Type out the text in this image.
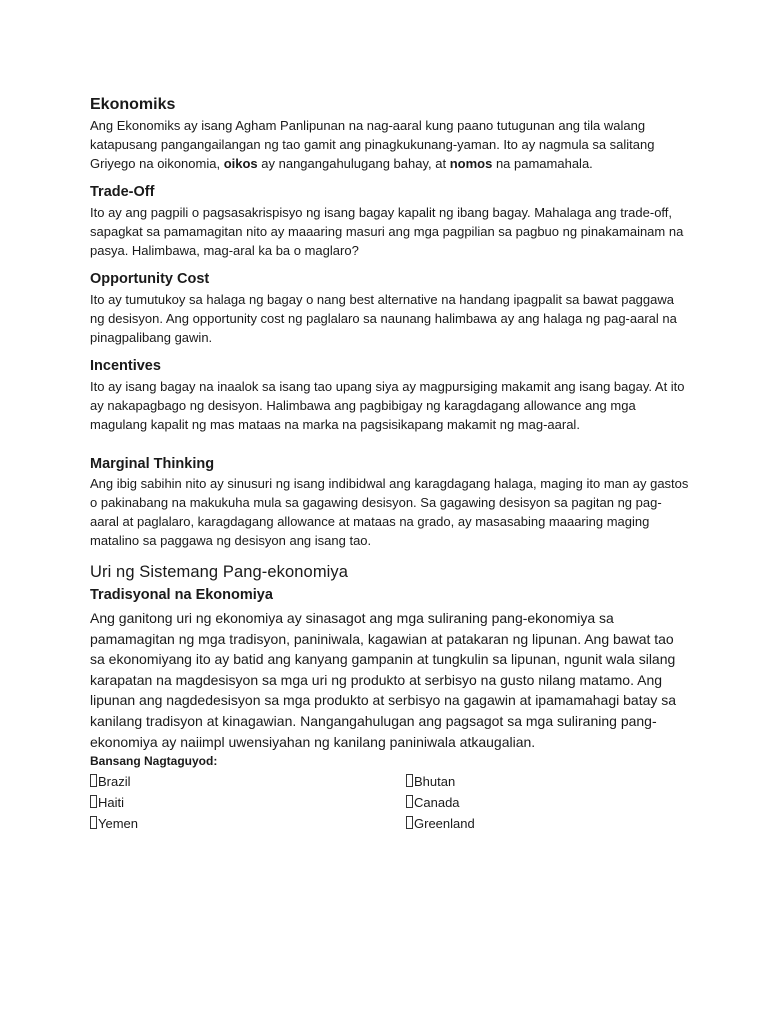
Ekonomiks

Ang Ekonomiks ay isang Agham Panlipunan na nag-aaral kung paano tutugunan ang tila walang katapusang pangangailangan ng tao gamit ang pinagkukunang-yaman. Ito ay nagmula sa salitang Griyego na oikonomia, oikos ay nangangahulugang bahay, at nomos na pamamahala.

Trade-Off

Ito ay ang pagpili o pagsasakrispisyo ng isang bagay kapalit ng ibang bagay. Mahalaga ang trade-off, sapagkat sa pamamagitan nito ay maaaring masuri ang mga pagpilian sa pagbuo ng pinakamainam na pasya. Halimbawa, mag-aral ka ba o maglaro?

Opportunity Cost

Ito ay tumutukoy sa halaga ng bagay o nang best alternative na handang ipagpalit sa bawat paggawa ng desisyon. Ang opportunity cost ng paglalaro sa naunang halimbawa ay ang halaga ng pag-aaral na pinagpalibang gawin.

Incentives

Ito ay isang bagay na inaalok sa isang tao upang siya ay magpursiging makamit ang isang bagay. At ito ay nakapagbago ng desisyon. Halimbawa ang pagbibigay ng karagdagang allowance ang mga magulang kapalit ng mas mataas na marka na pagsisikapang makamit ng mag-aaral.

Marginal Thinking

Ang ibig sabihin nito ay sinusuri ng isang indibidwal ang karagdagang halaga, maging ito man ay gastos o pakinabang na makukuha mula sa gagawing desisyon. Sa gagawing desisyon sa pagitan ng pag-aaral at paglalaro, karagdagang allowance at mataas na grado, ay masasabing maaaring maging matalino sa paggawa ng desisyon ang isang tao.

Uri ng Sistemang Pang-ekonomiya
Tradisyonal na Ekonomiya

Ang ganitong uri ng ekonomiya ay sinasagot ang mga suliraning pang-ekonomiya sa pamamagitan ng mga tradisyon, paniniwala, kagawian at patakaran ng lipunan. Ang bawat tao sa ekonomiyang ito ay batid ang kanyang gampanin at tungkulin sa lipunan, ngunit wala silang karapatan na magdesisyon sa mga uri ng produkto at serbisyo na gusto nilang matamo. Ang lipunan ang nagdedesisyon sa mga produkto at serbisyo na gagawin at ipamamahagi batay sa kanilang tradisyon at kinagawian. Nangangahulugan ang pagsagot sa mga suliraning pang-ekonomiya ay naiimpl uwensiyahan ng kanilang paniniwala atkaugalian.

Bansang Nagtaguyod:
Brazil	Bhutan
Haiti	Canada
Yemen	Greenland
